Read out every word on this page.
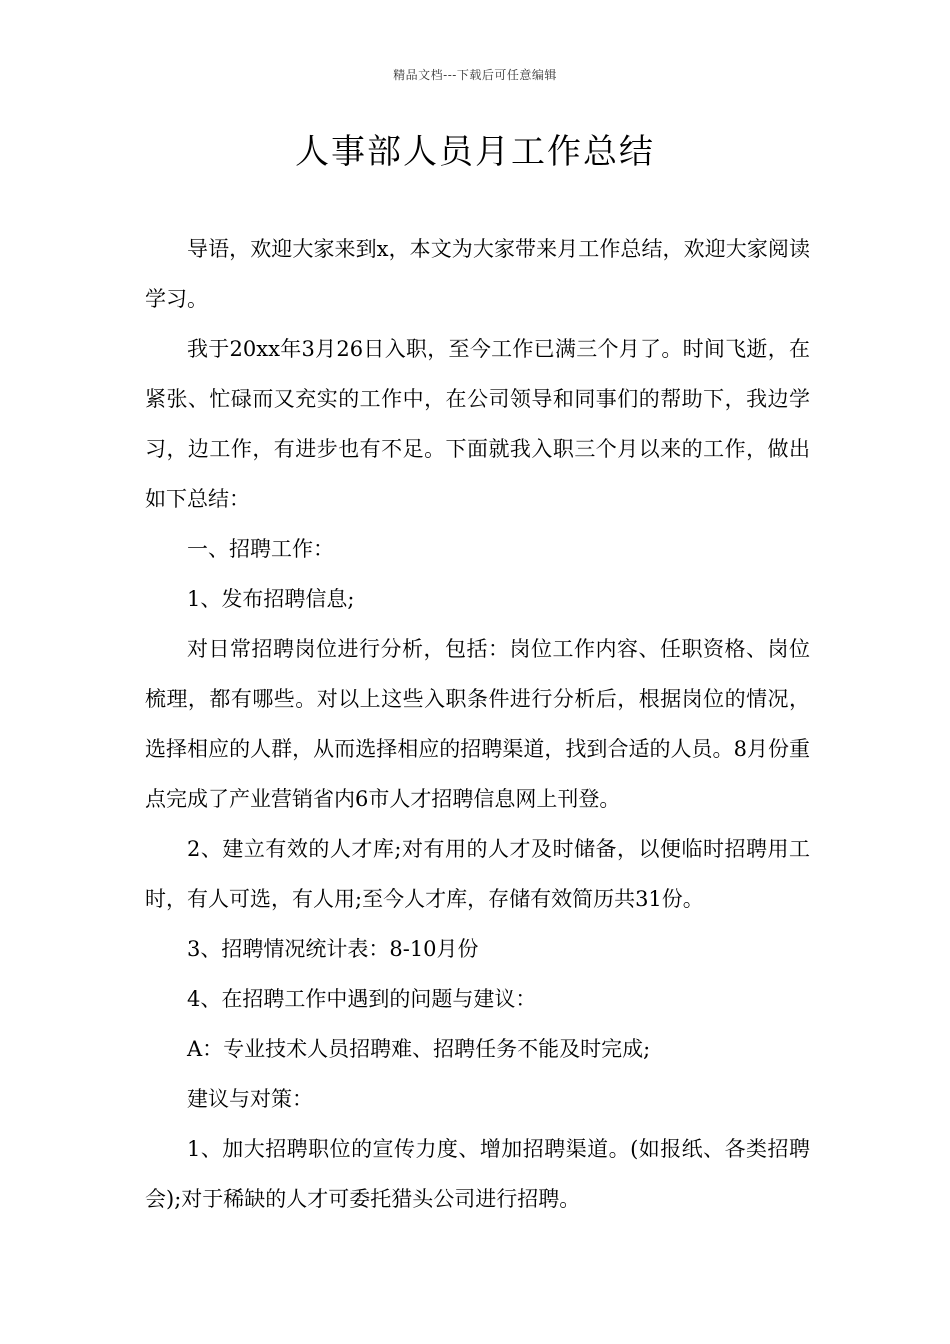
精品文档---下载后可任意编辑
人事部人员月工作总结

导语，欢迎大家来到x，本文为大家带来月工作总结，欢迎大家阅读学习。

我于20xx年3月26日入职，至今工作已满三个月了。时间飞逝，在紧张、忙碌而又充实的工作中，在公司领导和同事们的帮助下，我边学习，边工作，有进步也有不足。下面就我入职三个月以来的工作，做出如下总结：

一、招聘工作：

1、发布招聘信息;

对日常招聘岗位进行分析，包括：岗位工作内容、任职资格、岗位梳理，都有哪些。对以上这些入职条件进行分析后，根据岗位的情况，选择相应的人群，从而选择相应的招聘渠道，找到合适的人员。8月份重点完成了产业营销省内6市人才招聘信息网上刊登。

2、建立有效的人才库;对有用的人才及时储备，以便临时招聘用工时，有人可选，有人用;至今人才库，存储有效简历共31份。

3、招聘情况统计表：8-10月份

4、在招聘工作中遇到的问题与建议：

A：专业技术人员招聘难、招聘任务不能及时完成;

建议与对策：

1、加大招聘职位的宣传力度、增加招聘渠道。(如报纸、各类招聘会);对于稀缺的人才可委托猎头公司进行招聘。
